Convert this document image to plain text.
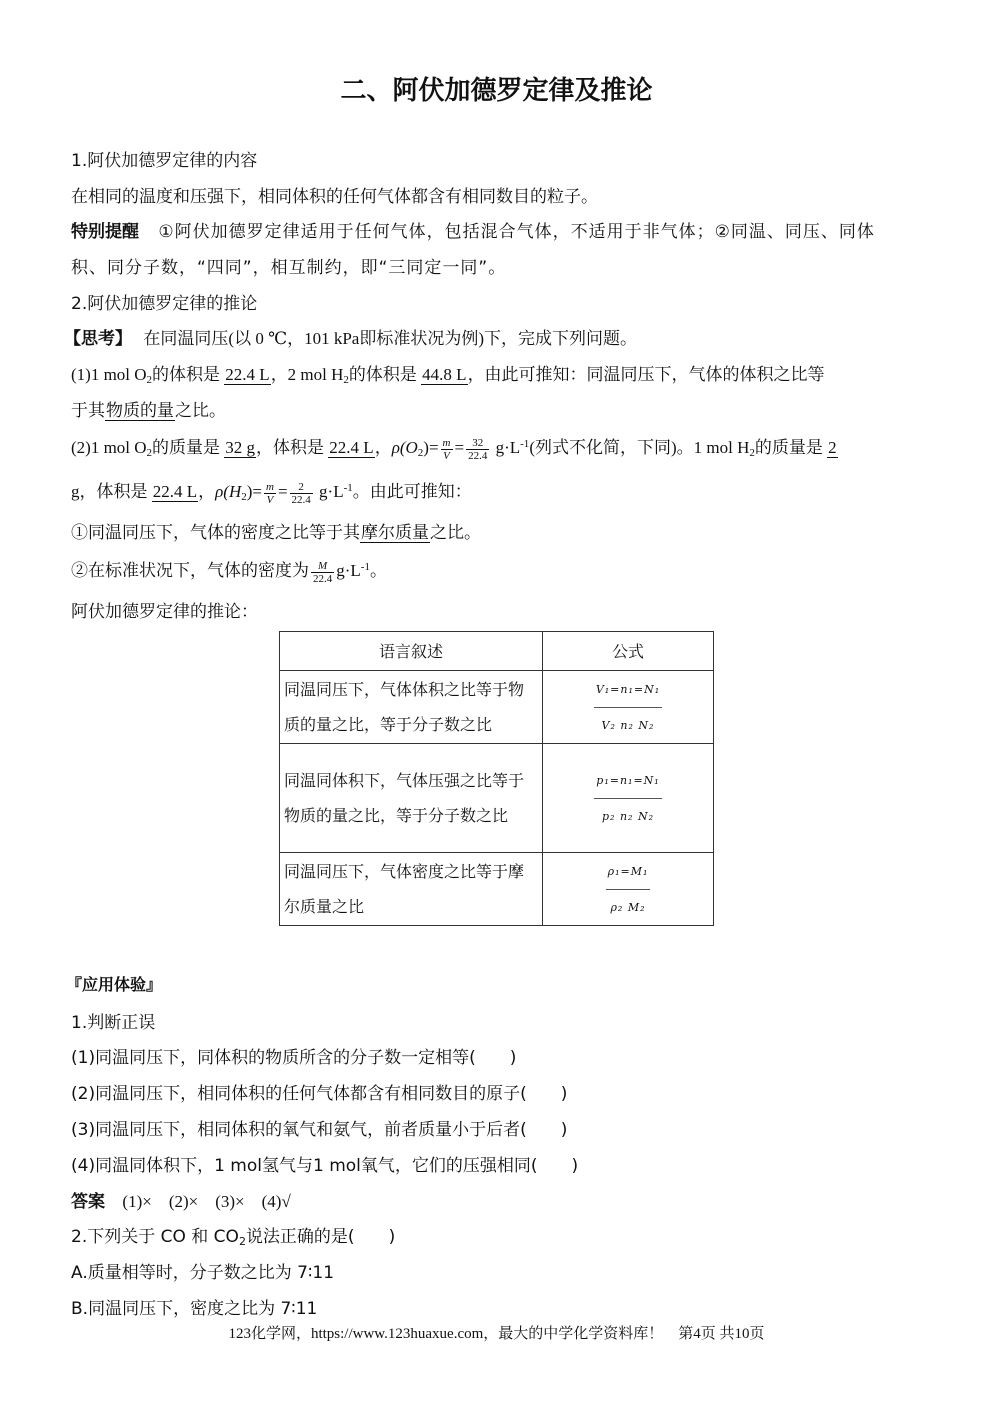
二、阿伏加德罗定律及推论
1.阿伏加德罗定律的内容
在相同的温度和压强下，相同体积的任何气体都含有相同数目的粒子。
特别提醒 ①阿伏加德罗定律适用于任何气体，包括混合气体，不适用于非气体；②同温、同压、同体
积、同分子数，“四同”，相互制约，即“三同定一同”。
2.阿伏加德罗定律的推论
【思考】 在同温同压(以 0 ℃，101 kPa即标准状况为例)下，完成下列问题。
(1)1 mol $O_2$的体积是 22.4 L，2 mol $H_2$的体积是 44.8 L，由此可推知：同温同压下，气体的体积之比等
于其物质的量之比。
(2)1 mol $O_2$的质量是 32 g，体积是 22.4 L，$\rho(O_2)= \frac{m}{V} = \frac{32}{22.4} g\cdot L^{-1}$(列式不化简，下同)。1 mol $H_2$的质量是 2
g，体积是 22.4 L，$\rho(H_2)= \frac{m}{V} = \frac{2}{22.4} g\cdot L^{-1}$。由此可推知：
①同温同压下，气体的密度之比等于其摩尔质量之比。
②在标准状况下，气体的密度为 $\frac{M}{22.4} g\cdot L^{-1}$。
阿伏加德罗定律的推论：
语言叙述	公式
同温同压下，气体体积之比等于物质的量之比，等于分子数之比	$\frac{\text{V₁=n₁=N₁}}{\text{V₂ n₂ N₂}}$

同温同体积下，气体压强之比等于物质的量之比，等于分子数之比	$\frac{\text{p₁=n₁=N₁}}{\text{p₂ n₂ N₂}}$

同温同压下，气体密度之比等于摩尔质量之比	$\frac{\text{ρ₁=M₁}}{\text{ρ₂ M₂}}$
『应用体验』
1.判断正误
(1)同温同压下，同体积的物质所含的分子数一定相等(　　)
(2)同温同压下，相同体积的任何气体都含有相同数目的原子(　　)
(3)同温同压下，相同体积的氧气和氨气，前者质量小于后者(　　)
(4)同温同体积下，1 mol氢气与1 mol氧气，它们的压强相同(　　)
答案 (1)×　(2)×　(3)×　(4)√
2.下列关于 CO 和 $CO_2$说法正确的是(　　)
A.质量相等时，分子数之比为 7∶11
B.同温同压下，密度之比为 7∶11
123化学网，https://www.123huaxue.com，最大的中学化学资料库！　第4页 共10页
